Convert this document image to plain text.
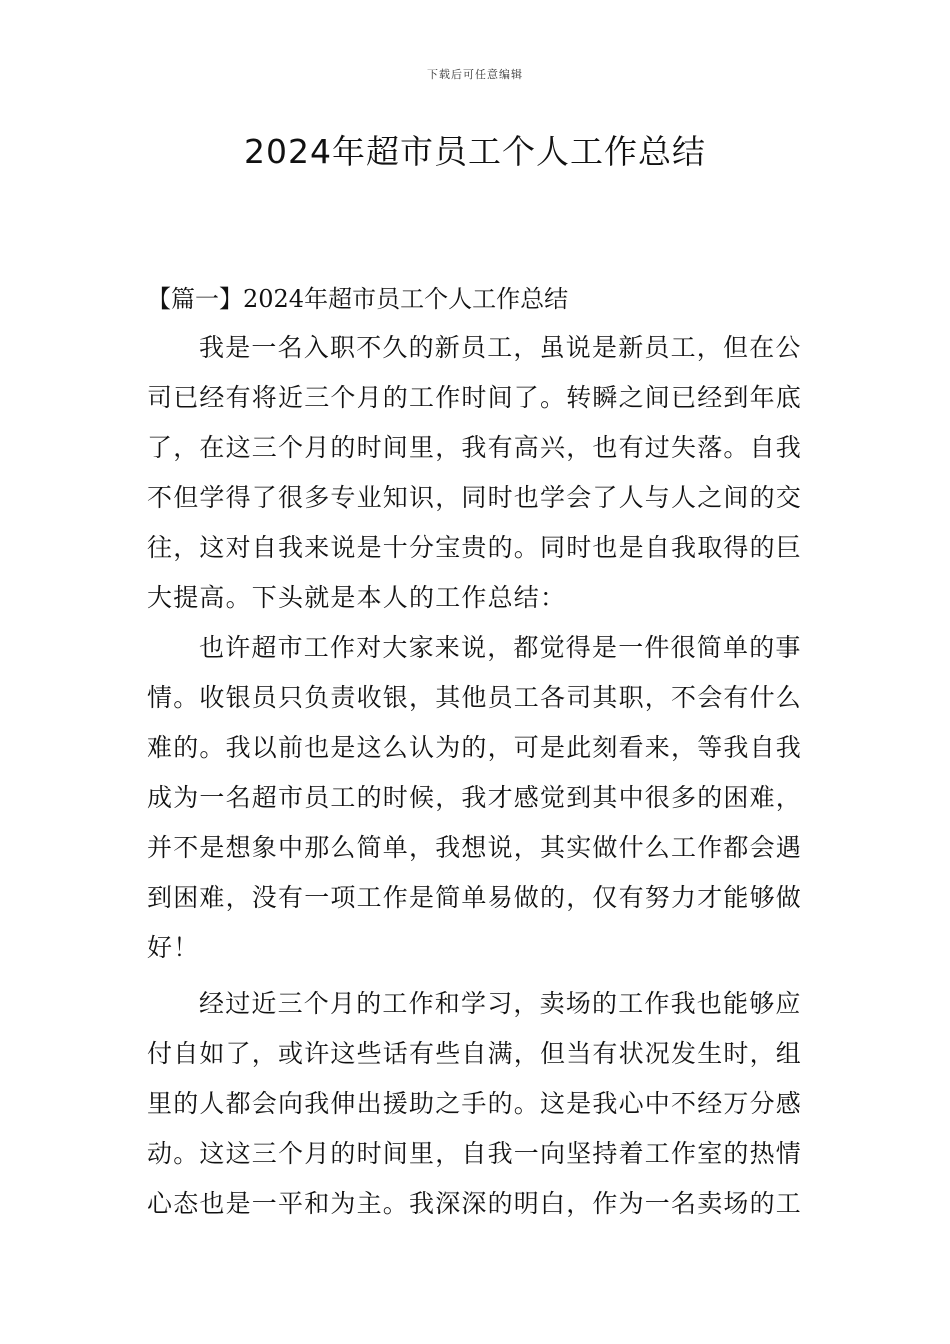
下载后可任意编辑
2024年超市员工个人工作总结
【篇一】2024年超市员工个人工作总结

我是一名入职不久的新员工，虽说是新员工，但在公
司已经有将近三个月的工作时间了。转瞬之间已经到年底
了，在这三个月的时间里，我有高兴，也有过失落。自我
不但学得了很多专业知识，同时也学会了人与人之间的交
往，这对自我来说是十分宝贵的。同时也是自我取得的巨
大提高。下头就是本人的工作总结：

也许超市工作对大家来说，都觉得是一件很简单的事
情。收银员只负责收银，其他员工各司其职，不会有什么
难的。我以前也是这么认为的，可是此刻看来，等我自我
成为一名超市员工的时候，我才感觉到其中很多的困难，
并不是想象中那么简单，我想说，其实做什么工作都会遇
到困难，没有一项工作是简单易做的，仅有努力才能够做
好！

经过近三个月的工作和学习，卖场的工作我也能够应
付自如了，或许这些话有些自满，但当有状况发生时，组
里的人都会向我伸出援助之手的。这是我心中不经万分感
动。这这三个月的时间里，自我一向坚持着工作室的热情
心态也是一平和为主。我深深的明白，作为一名卖场的工
